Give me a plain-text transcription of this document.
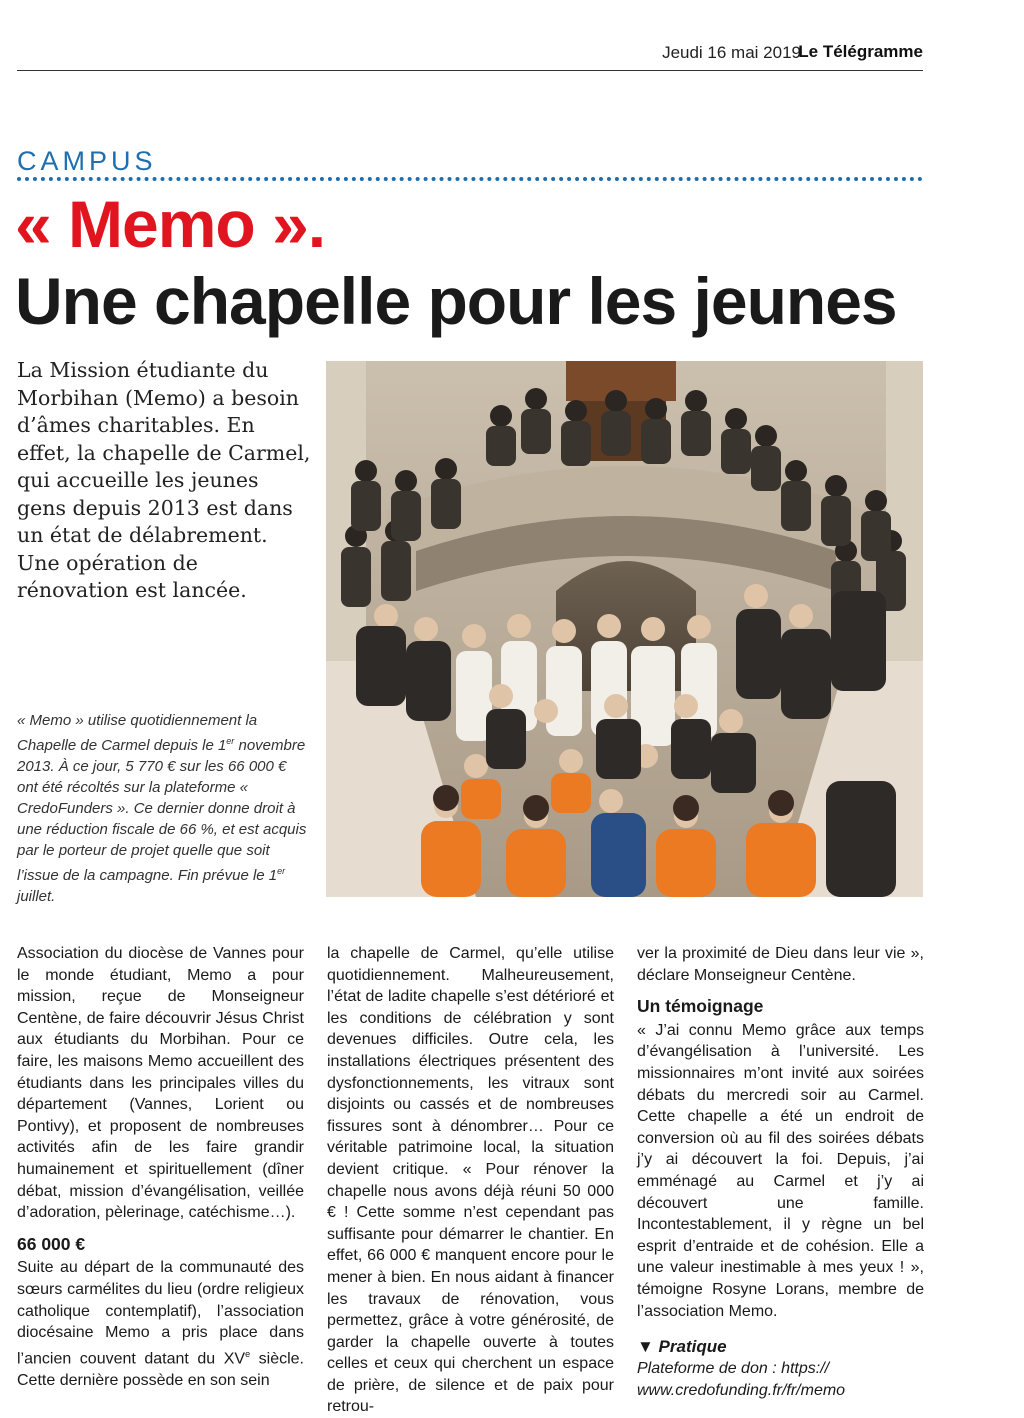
Jeudi 16 mai 2019
Le Télégramme
CAMPUS
« Memo ».
Une chapelle pour les jeunes
La Mission étudiante du Morbihan (Memo) a besoin d’âmes charitables. En effet, la chapelle de Carmel, qui accueille les jeunes gens depuis 2013 est dans un état de délabrement. Une opération de rénovation est lancée.
« Memo » utilise quotidiennement la Chapelle de Carmel depuis le 1er novembre 2013. À ce jour, 5 770 € sur les 66 000 € ont été récoltés sur la plateforme « CredoFunders ». Ce dernier donne droit à une réduction fiscale de 66 %, et est acquis par le porteur de projet quelle que soit l’issue de la campagne. Fin prévue le 1er juillet.

Association du diocèse de Vannes pour le monde étudiant, Memo a pour mission, reçue de Monseigneur Centène, de faire découvrir Jésus Christ aux étudiants du Morbihan. Pour ce faire, les maisons Memo accueillent des étudiants dans les principales villes du département (Vannes, Lorient ou Pontivy), et proposent de nombreuses activités afin de les faire grandir humainement et spirituellement (dîner débat, mission d’évangélisation, veillée d’adoration, pèlerinage, catéchisme…).

66 000 €

Suite au départ de la communauté des sœurs carmélites du lieu (ordre religieux catholique contemplatif), l’association diocésaine Memo a pris place dans l’ancien couvent datant du XVe siècle. Cette dernière possède en son sein

la chapelle de Carmel, qu’elle utilise quotidiennement. Malheureusement, l’état de ladite chapelle s’est détérioré et les conditions de célébration y sont devenues difficiles. Outre cela, les installations électriques présentent des dysfonctionnements, les vitraux sont disjoints ou cassés et de nombreuses fissures sont à dénombrer… Pour ce véritable patrimoine local, la situation devient critique. « Pour rénover la chapelle nous avons déjà réuni 50 000 € ! Cette somme n’est cependant pas suffisante pour démarrer le chantier. En effet, 66 000 € manquent encore pour le mener à bien. En nous aidant à financer les travaux de rénovation, vous permettez, grâce à votre générosité, de garder la chapelle ouverte à toutes celles et ceux qui cherchent un espace de prière, de silence et de paix pour retrou-

ver la proximité de Dieu dans leur vie », déclare Monseigneur Centène.

Un témoignage

« J’ai connu Memo grâce aux temps d’évangélisation à l’université. Les missionnaires m’ont invité aux soirées débats du mercredi soir au Carmel. Cette chapelle a été un endroit de conversion où au fil des soirées débats j’y ai découvert la foi. Depuis, j’ai emménagé au Carmel et j’y ai découvert une famille. Incontestablement, il y règne un bel esprit d’entraide et de cohésion. Elle a une valeur inestimable à mes yeux ! », témoigne Rosyne Lorans, membre de l’association Memo.

▼ Pratique
Plateforme de don : https:// www.credofunding.fr/fr/memo
